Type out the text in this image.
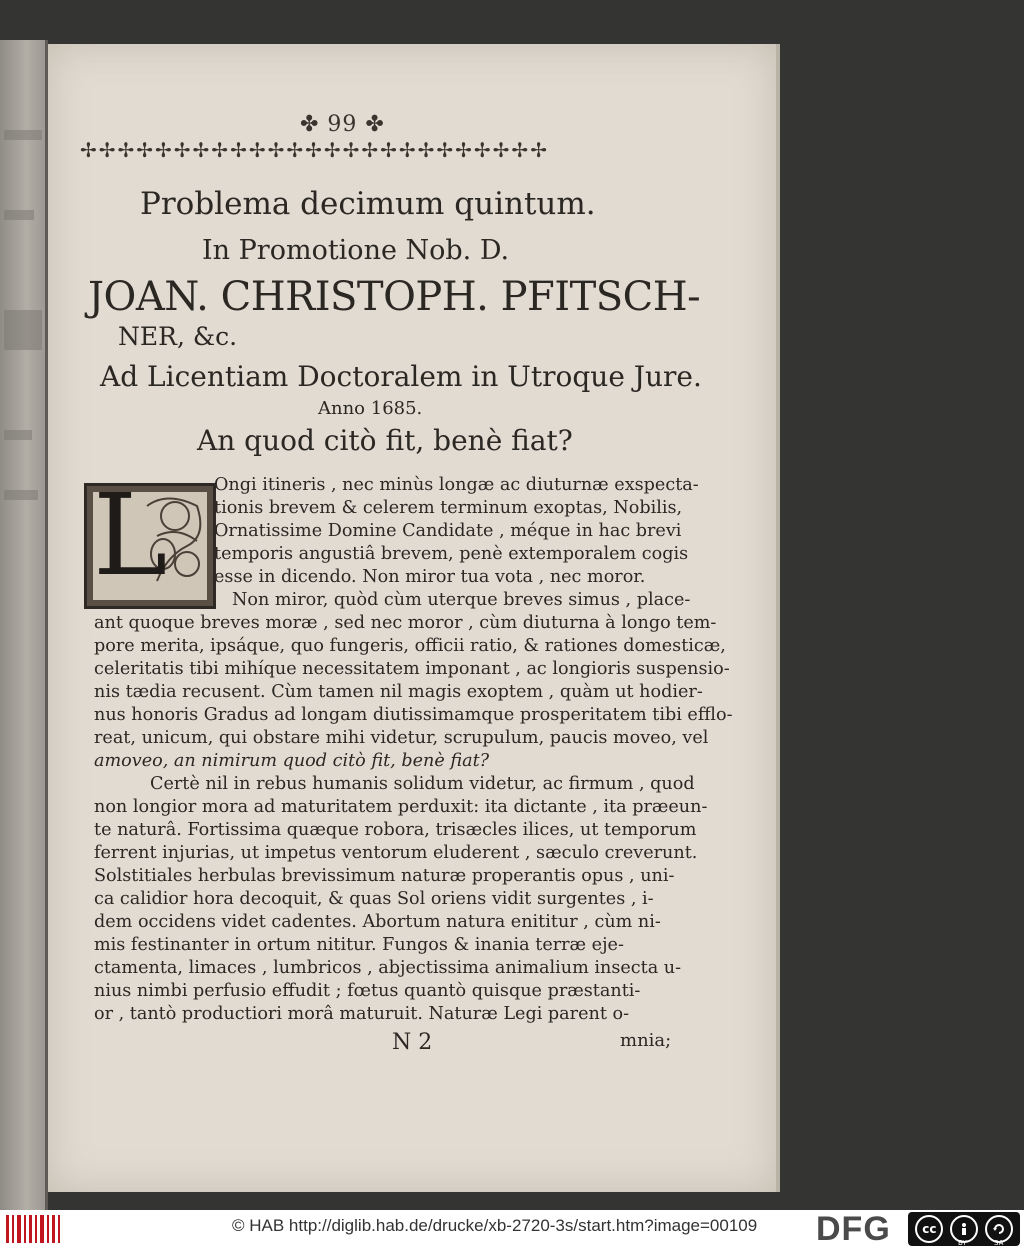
✤ 99 ✤
✢✢✢✢✢✢✢✢✢✢✢✢✢✢✢✢✢✢✢✢✢✢✢✢✢
Problema decimum quintum.
In Promotione Nob. D.
JOAN. CHRISTOPH. PFITSCH-
NER, &c.
Ad Licentiam Doctoralem in Utroque Jure.
Anno 1685.
An quod citò fit, benè fiat?
L	Ongi itineris , nec minùs longæ ac diuturnæ exspecta-
tionis brevem & celerem terminum exoptas, Nobilis,
Ornatissime Domine Candidate , méque in hac brevi
temporis angustiâ brevem, penè extemporalem cogis
esse in dicendo. Non miror tua vota , nec moror.
Non miror, quòd cùm uterque breves simus , place-
ant quoque breves moræ , sed nec moror , cùm diuturna à longo tem-
pore merita, ipsáque, quo fungeris, officii ratio, & rationes domesticæ,
celeritatis tibi mihíque necessitatem imponant , ac longioris suspensio-
nis tædia recusent. Cùm tamen nil magis exoptem , quàm ut hodier-
nus honoris Gradus ad longam diutissimamque prosperitatem tibi efflo-
reat, unicum, qui obstare mihi videtur, scrupulum, paucis moveo, vel
amoveo, an nimirum quod citò fit, benè fiat?
Certè nil in rebus humanis solidum videtur, ac firmum , quod
non longior mora ad maturitatem perduxit: ita dictante , ita præeun-
te naturâ. Fortissima quæque robora, trisæcles ilices, ut temporum
ferrent injurias, ut impetus ventorum eluderent , sæculo creverunt.
Solstitiales herbulas brevissimum naturæ properantis opus , uni-
ca calidior hora decoquit, & quas Sol oriens vidit surgentes , i-
dem occidens videt cadentes. Abortum natura enititur , cùm ni-
mis festinanter in ortum nititur. Fungos & inania terræ eje-
ctamenta, limaces , lumbricos , abjectissima animalium insecta u-
nius nimbi perfusio effudit ; fœtus quantò quisque præstanti-
or , tantò productiori morâ maturuit. Naturæ Legi parent o-
N 2	mnia;
© HAB http://diglib.hab.de/drucke/xb-2720-3s/start.htm?image=00109 DFG	cc
BY	SA
